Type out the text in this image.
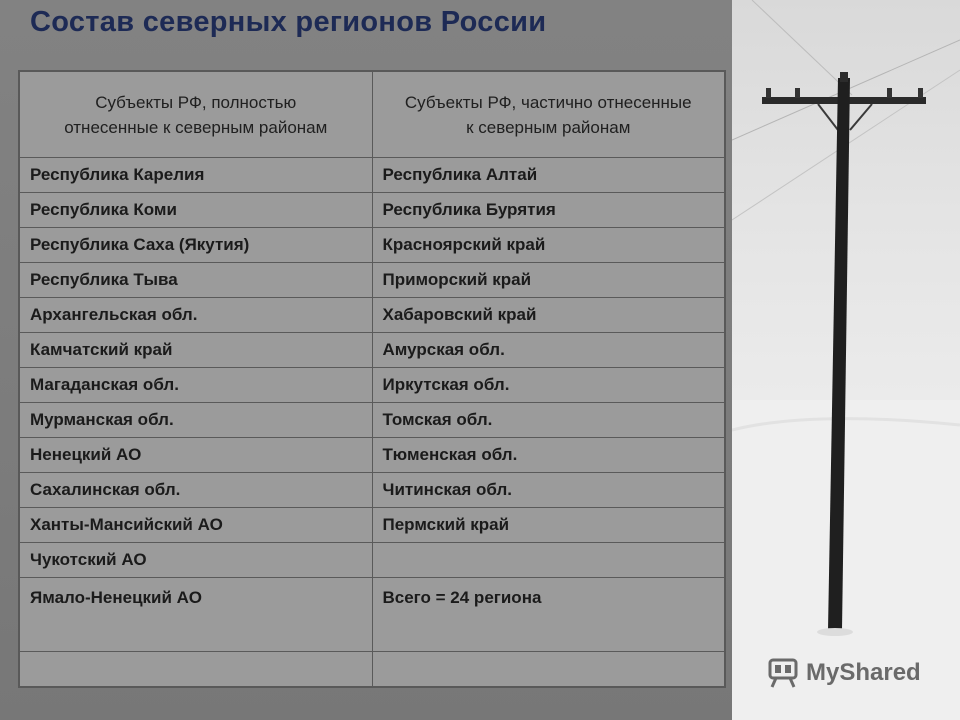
Состав северных регионов России
Субъекты РФ, полностью отнесенные к северным районам	Субъекты РФ, частично отнесенные к северным районам
Республика Карелия	Республика Алтай
Республика Коми	Республика Бурятия
Республика Саха (Якутия)	Красноярский край
Республика Тыва	Приморский край
Архангельская обл.	Хабаровский край
Камчатский край	Амурская обл.
Магаданская обл.	Иркутская обл.
Мурманская обл.	Томская обл.
Ненецкий АО	Тюменская обл.
Сахалинская обл.	Читинская обл.
Ханты-Мансийский АО	Пермский край
Чукотский АО	
Ямало-Ненецкий АО	Всего = 24 региона

MyShared
